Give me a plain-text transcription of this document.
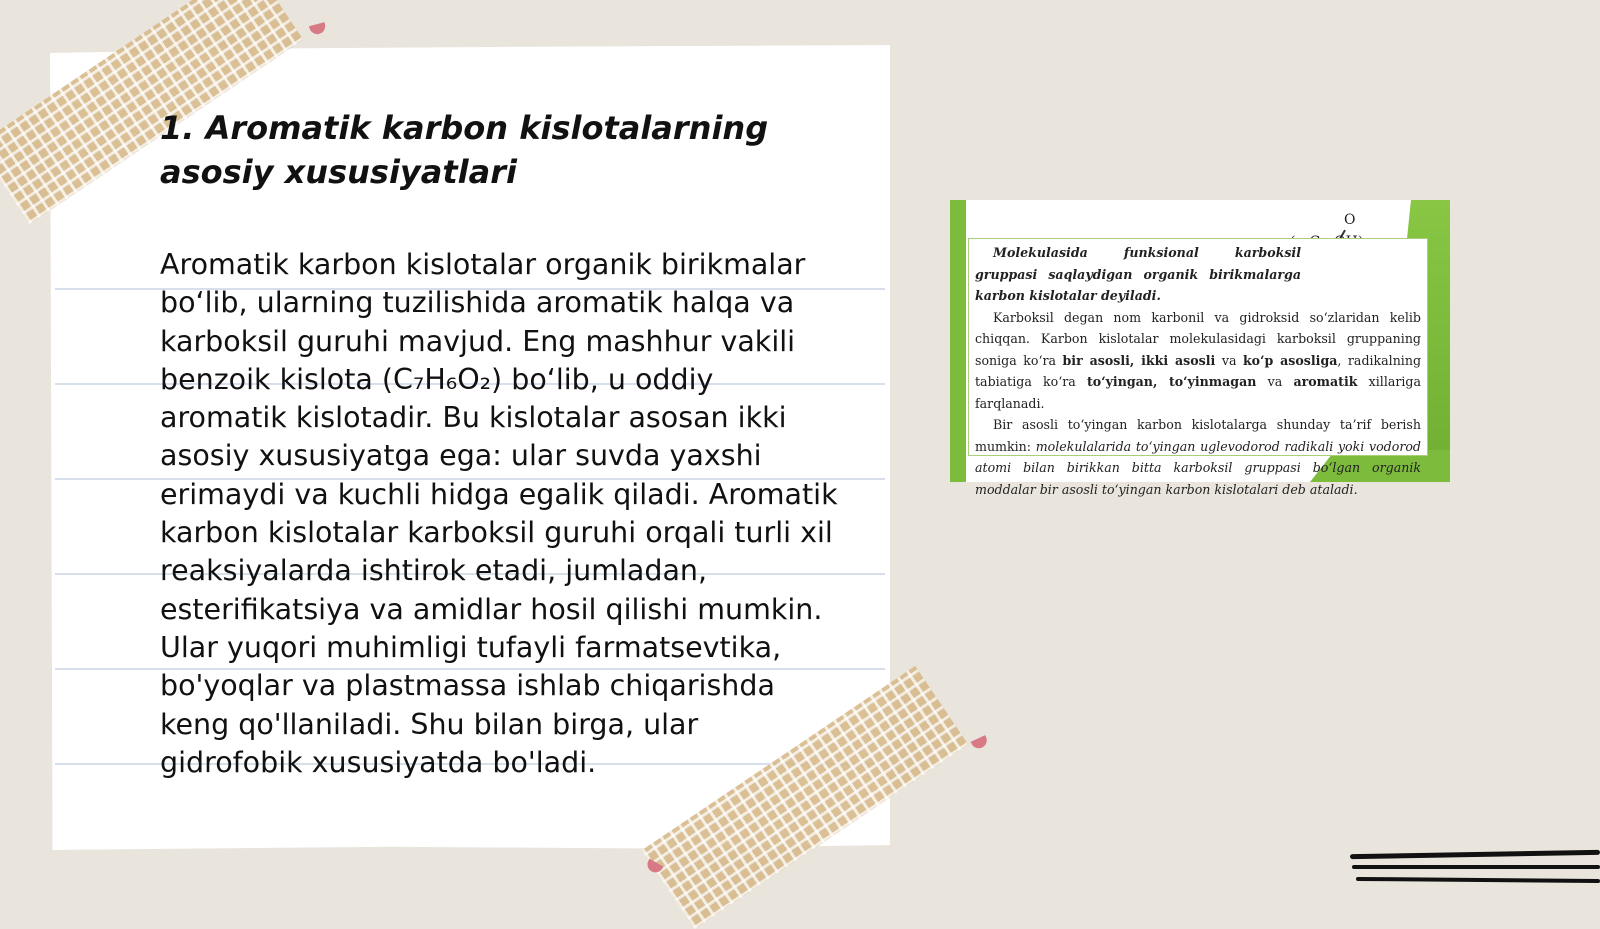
1. Aromatik karbon kislotalarning asosiy xususiyatlari

Aromatik karbon kislotalar organik birikmalar bo‘lib, ularning tuzilishida aromatik halqa va karboksil guruhi mavjud. Eng mashhur vakili benzoik kislota (C₇H₆O₂) bo‘lib, u oddiy aromatik kislotadir. Bu kislotalar asosan ikki asosiy xususiyatga ega: ular suvda yaxshi erimaydi va kuchli hidga egalik qiladi. Aromatik karbon kislotalar karboksil guruhi orqali turli xil reaksiyalarda ishtirok etadi, jumladan, esterifikatsiya va amidlar hosil qilishi mumkin. Ular yuqori muhimligi tufayli farmatsevtika, bo'yoqlar va plastmassa ishlab chiqarishda keng qo'llaniladi. Shu bilan birga, ular gidrofobik xususiyatda bo'ladi.

O

Molekulasida funksional karboksil gruppasi saqlaydigan organik birikmalarga karbon kislotalar deyiladi.

Karboksil degan nom karbonil va gidroksid so‘zlaridan kelib chiqqan. Karbon kislotalar molekulasidagi karboksil gruppaning soniga ko‘ra bir asosli, ikki asosli va ko‘p asosliga, radikalning tabiatiga ko‘ra to‘yingan, to‘yinmagan va aromatik xillariga farqlanadi.

Bir asosli to‘yingan karbon kislotalarga shunday ta’rif berish mumkin: molekulalarida to‘yingan uglevodorod radikali yoki vodorod atomi bilan birikkan bitta karboksil gruppasi bo‘lgan organik moddalar bir asosli to‘yingan karbon kislotalari deb ataladi.
